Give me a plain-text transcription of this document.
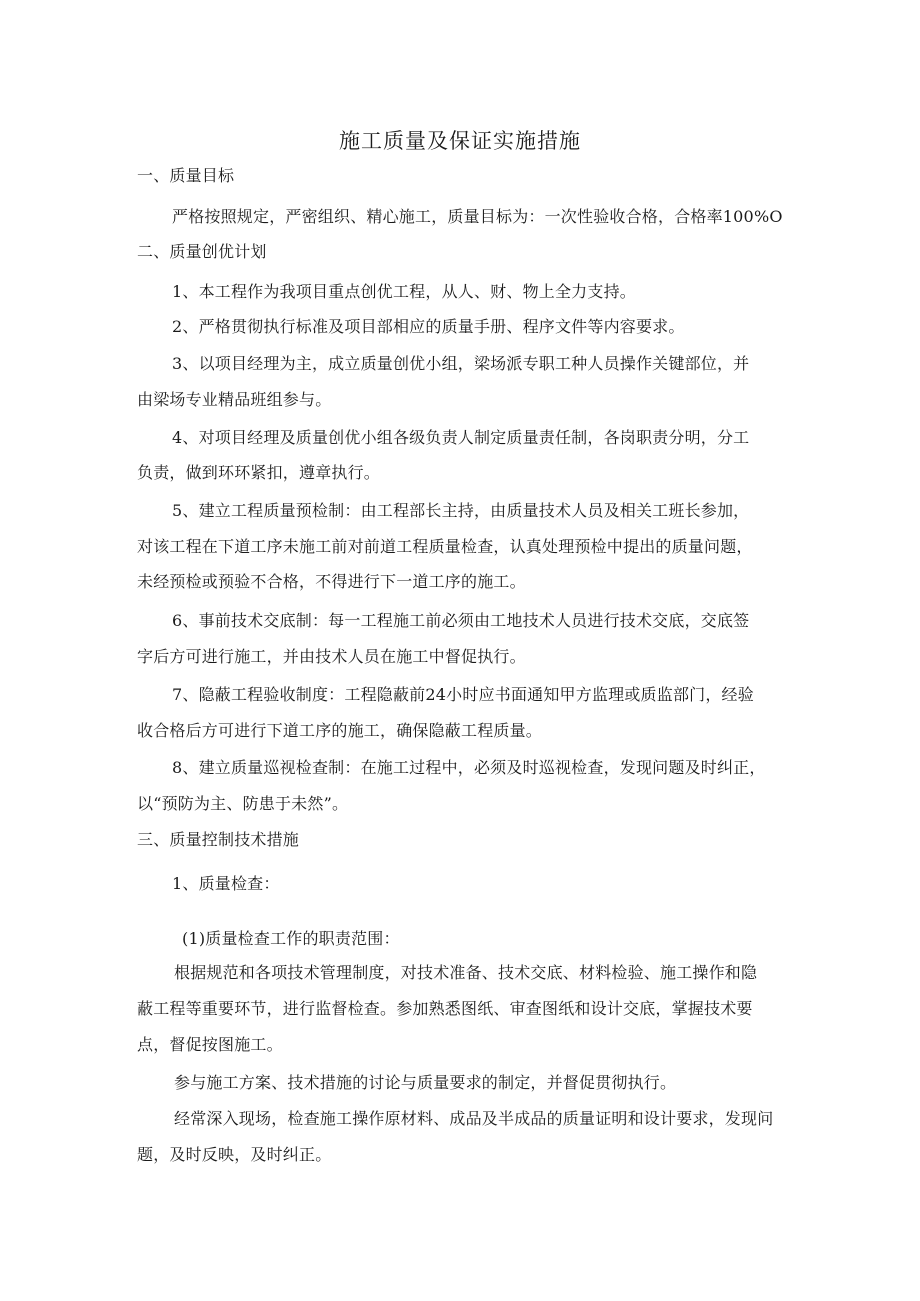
施工质量及保证实施措施
一、质量目标
严格按照规定，严密组织、精心施工，质量目标为：一次性验收合格，合格率100%O
二、质量创优计划
1、本工程作为我项目重点创优工程，从人、财、物上全力支持。
2、严格贯彻执行标准及项目部相应的质量手册、程序文件等内容要求。
3、以项目经理为主，成立质量创优小组，梁场派专职工种人员操作关键部位，并
由梁场专业精品班组参与。
4、对项目经理及质量创优小组各级负责人制定质量责任制，各岗职责分明，分工
负责，做到环环紧扣，遵章执行。
5、建立工程质量预检制：由工程部长主持，由质量技术人员及相关工班长参加，
对该工程在下道工序未施工前对前道工程质量检查，认真处理预检中提出的质量问题，
未经预检或预验不合格，不得进行下一道工序的施工。
6、事前技术交底制：每一工程施工前必须由工地技术人员进行技术交底，交底签
字后方可进行施工，并由技术人员在施工中督促执行。
7、隐蔽工程验收制度：工程隐蔽前24小时应书面通知甲方监理或质监部门，经验
收合格后方可进行下道工序的施工，确保隐蔽工程质量。
8、建立质量巡视检查制：在施工过程中，必须及时巡视检查，发现问题及时纠正，
以“预防为主、防患于未然”。
三、质量控制技术措施
1、质量检查：
(1)质量检查工作的职责范围：
根据规范和各项技术管理制度，对技术准备、技术交底、材料检验、施工操作和隐
蔽工程等重要环节，进行监督检查。参加熟悉图纸、审查图纸和设计交底，掌握技术要
点，督促按图施工。
参与施工方案、技术措施的讨论与质量要求的制定，并督促贯彻执行。
经常深入现场，检查施工操作原材料、成品及半成品的质量证明和设计要求，发现问
题，及时反映，及时纠正。
